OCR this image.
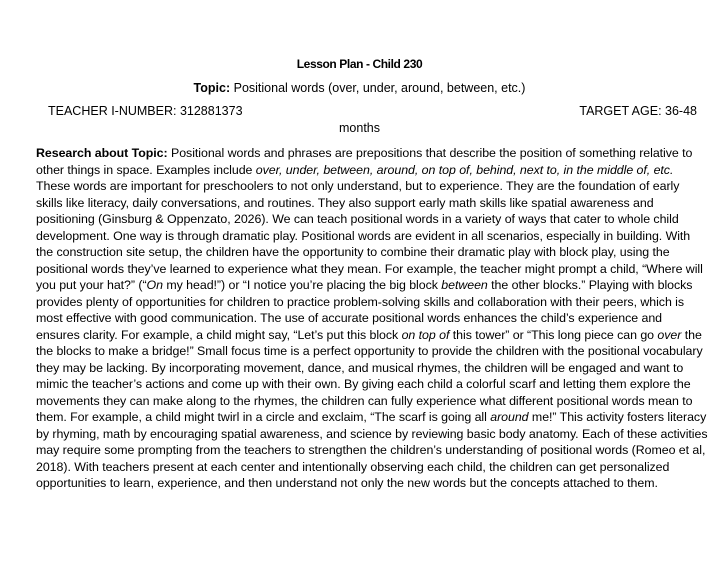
Lesson Plan - Child 230
Topic: Positional words (over, under, around, between, etc.)
TEACHER I-NUMBER: 312881373	TARGET AGE: 36-48
months
Research about Topic: Positional words and phrases are prepositions that describe the position of something relative to other things in space. Examples include over, under, between, around, on top of, behind, next to, in the middle of, etc. These words are important for preschoolers to not only understand, but to experience. They are the foundation of early skills like literacy, daily conversations, and routines. They also support early math skills like spatial awareness and positioning (Ginsburg & Oppenzato, 2026). We can teach positional words in a variety of ways that cater to whole child development. One way is through dramatic play. Positional words are evident in all scenarios, especially in building. With the construction site setup, the children have the opportunity to combine their dramatic play with block play, using the positional words they’ve learned to experience what they mean. For example, the teacher might prompt a child, “Where will you put your hat?” (“On my head!”) or “I notice you’re placing the big block between the other blocks.” Playing with blocks provides plenty of opportunities for children to practice problem-solving skills and collaboration with their peers, which is most effective with good communication. The use of accurate positional words enhances the child’s experience and ensures clarity. For example, a child might say, “Let’s put this block on top of this tower” or “This long piece can go over the the blocks to make a bridge!” Small focus time is a perfect opportunity to provide the children with the positional vocabulary they may be lacking. By incorporating movement, dance, and musical rhymes, the children will be engaged and want to mimic the teacher’s actions and come up with their own. By giving each child a colorful scarf and letting them explore the movements they can make along to the rhymes, the children can fully experience what different positional words mean to them. For example, a child might twirl in a circle and exclaim, “The scarf is going all around me!” This activity fosters literacy by rhyming, math by encouraging spatial awareness, and science by reviewing basic body anatomy. Each of these activities may require some prompting from the teachers to strengthen the children’s understanding of positional words (Romeo et al, 2018). With teachers present at each center and intentionally observing each child, the children can get personalized opportunities to learn, experience, and then understand not only the new words but the concepts attached to them.
